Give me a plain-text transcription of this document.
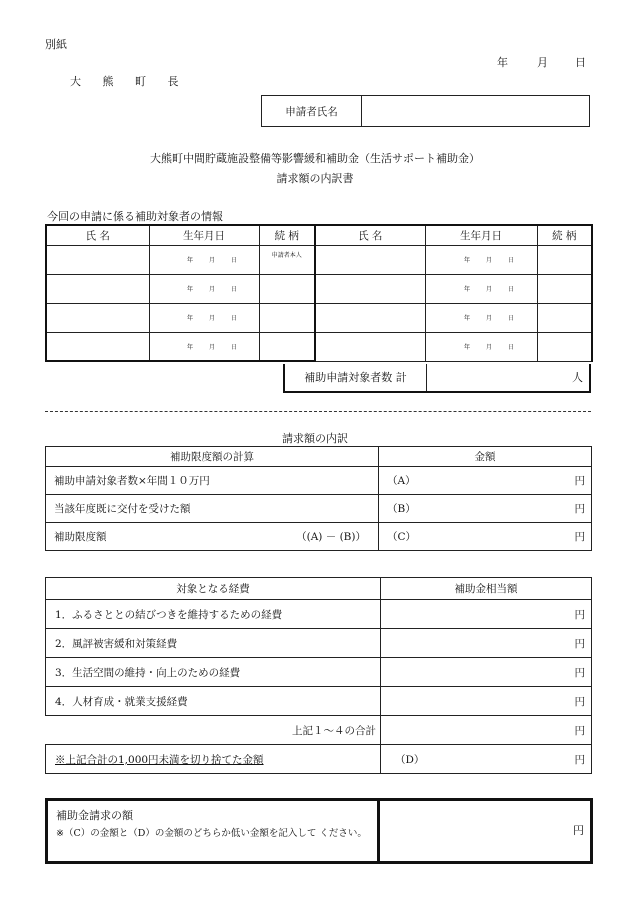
別紙
年	月 日
大 熊 町 長
申請者氏名	
大熊町中間貯蔵施設整備等影響緩和補助金（生活サポート補助金）
請求額の内訳書
今回の申請に係る補助対象者の情報
氏 名	生年月日	続 柄	氏 名	生年月日	続 柄
	年 月 日	申請者本人		年 月 日	
	年 月 日			年 月 日	
	年 月 日			年 月 日	
	年 月 日			年 月 日	
補助申請対象者数 計	人
請求額の内訳
補助限度額の計算	金額
補助申請対象者数×年間１０万円	（A） 円

当該年度既に交付を受けた額	（B） 円

補助限度額 （(A) － (B)）	（C） 円
対象となる経費	補助金相当額
1．ふるさととの結びつきを維持するための経費	円
2．風評被害緩和対策経費	円
3．生活空間の維持・向上のための経費	円
4．人材育成・就業支援経費	円
上記１～４の合計	円
※上記合計の1,000円未満を切り捨てた金額	（D） 円
補助金請求の額
※（C）の金額と（D）の金額のどちらか低い金額を記入して ください。	円
